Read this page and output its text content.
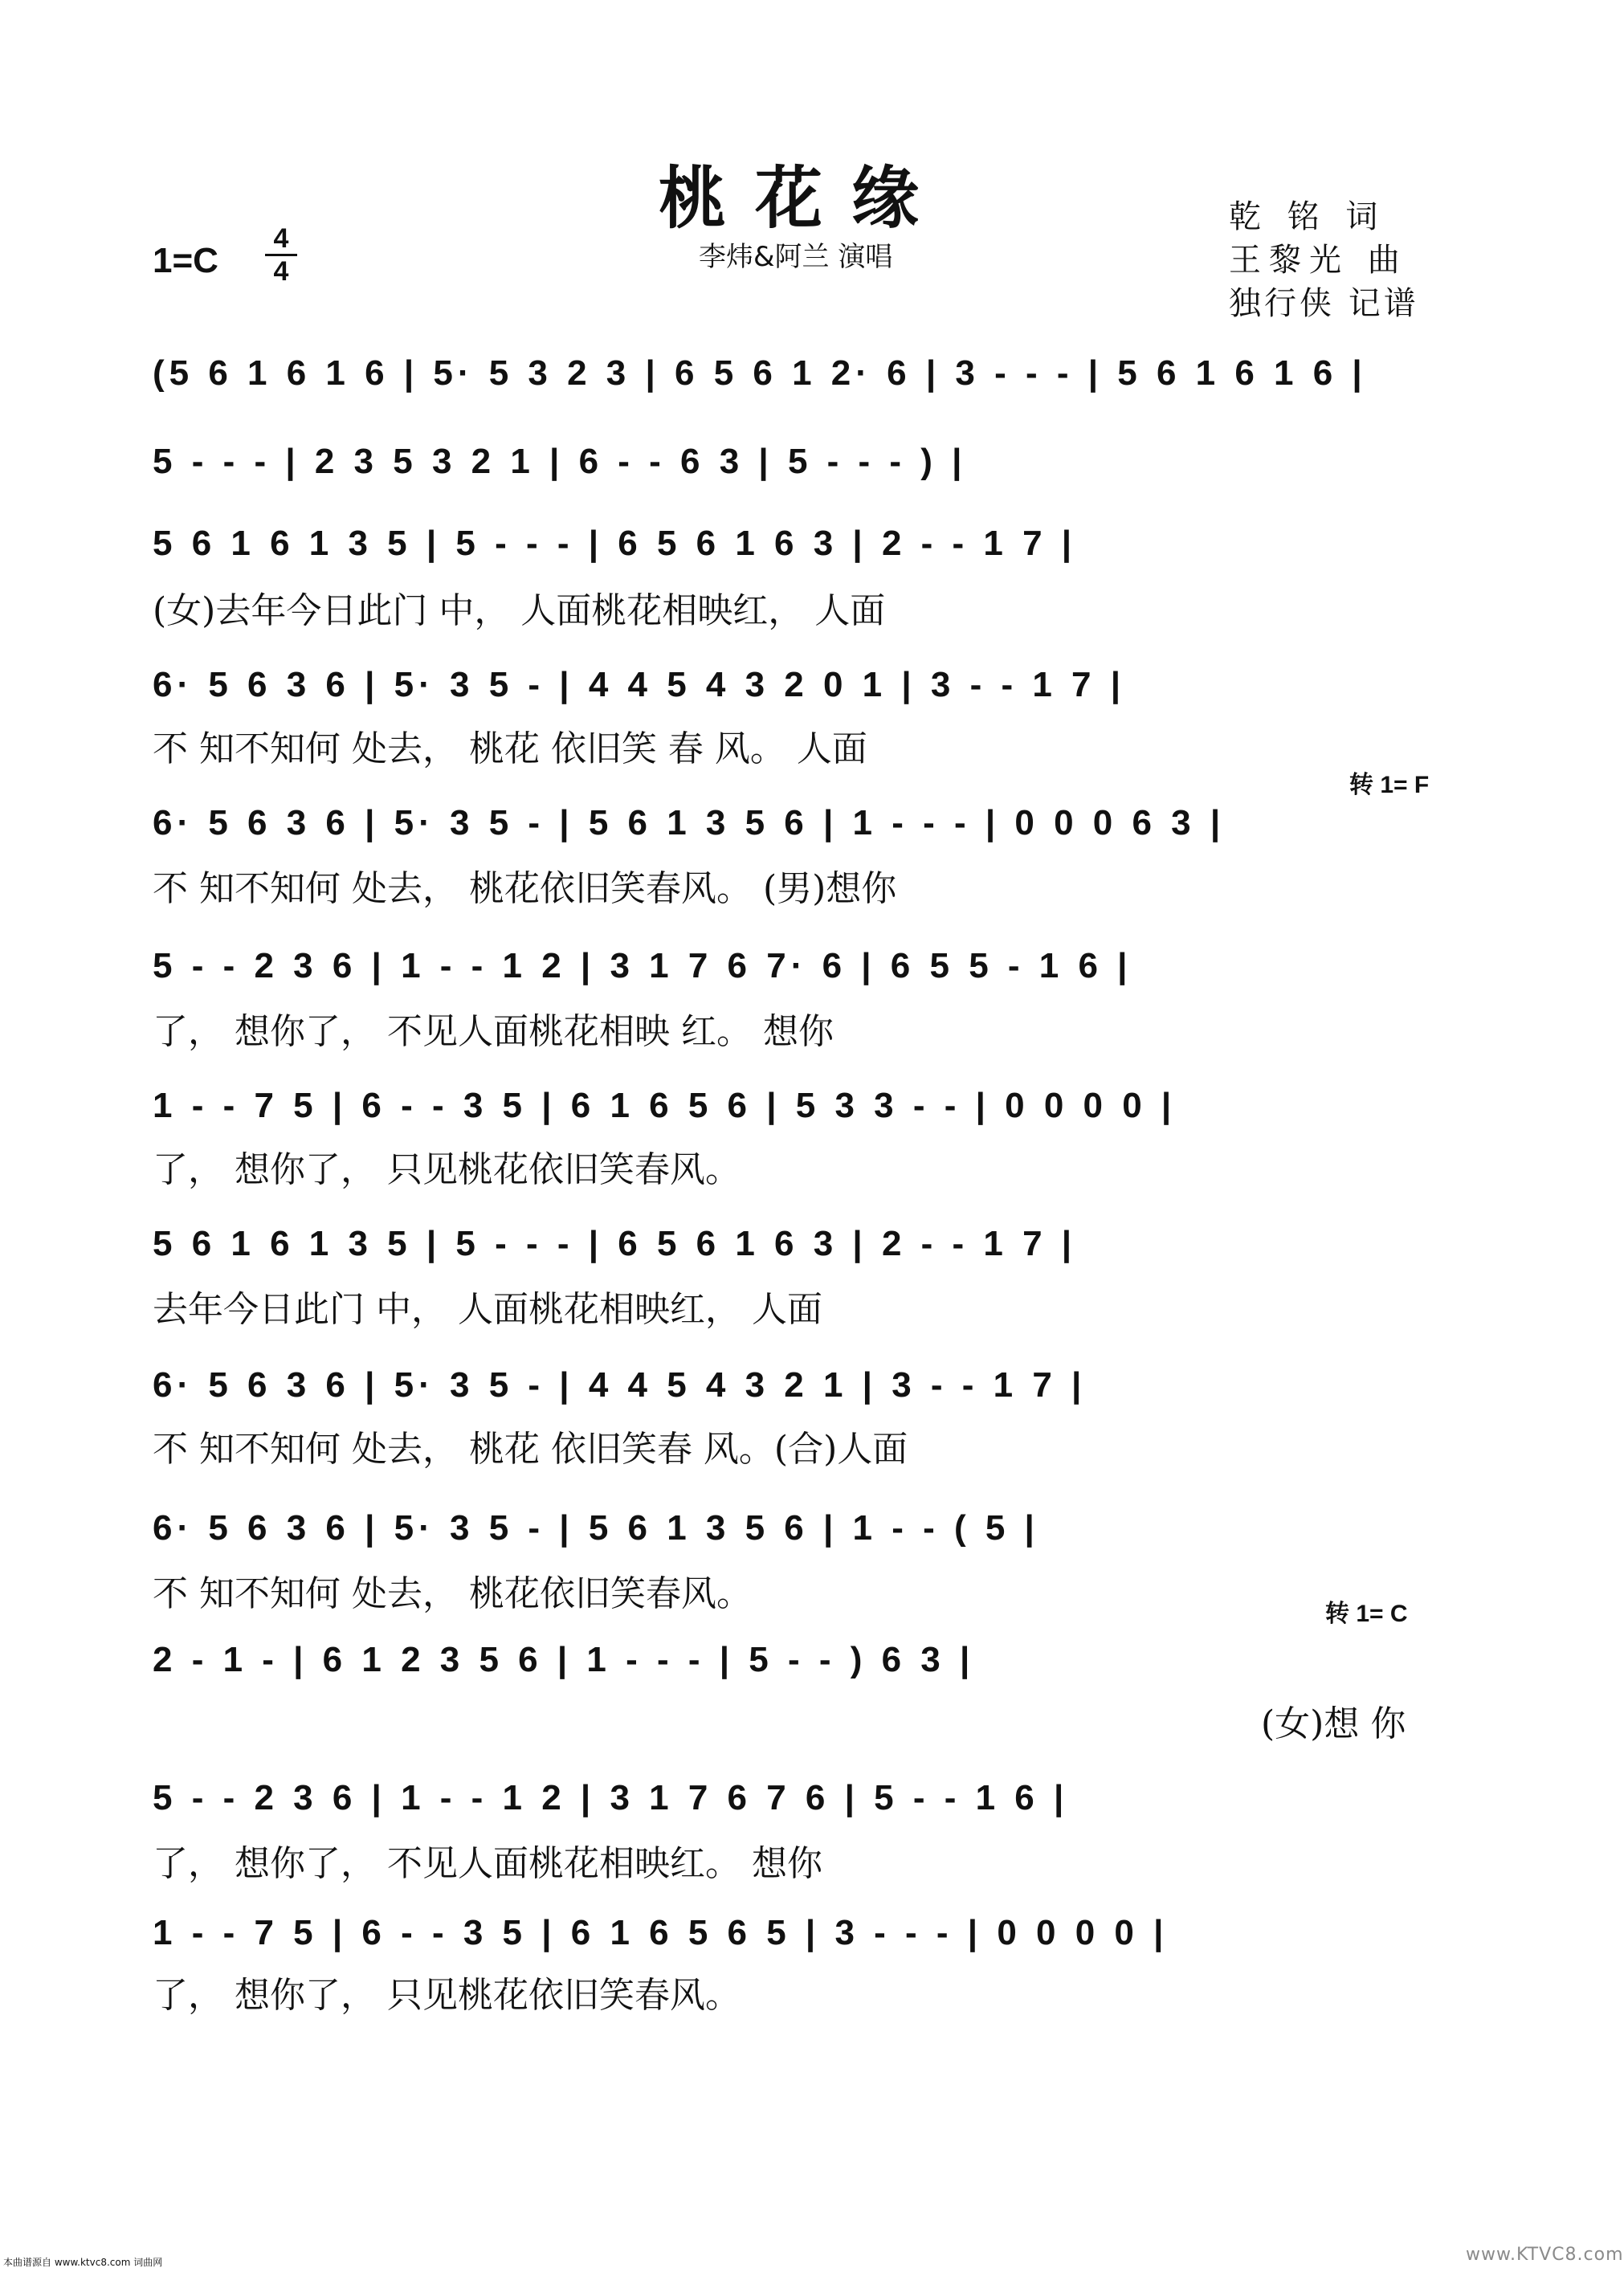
桃花缘
李炜&阿兰 演唱
乾 铭 词
王黎光 曲
独行侠 记谱
1=C
4
4
(5 6 1 6 1 6 | 5· 5 3 2 3 | 6 5 6 1 2· 6 | 3 - - - | 5 6 1 6 1 6 |
5 - - - | 2 3 5 3 2 1 | 6 - - 6 3 | 5 - - - ) |
5 6 1 6 1 3 5 | 5 - - - | 6 5 6 1 6 3 | 2 - - 1 7 |
(女)去年今日此门 中， 人面桃花相映红， 人面
6· 5 6 3 6 | 5· 3 5 - | 4 4 5 4 3 2 0 1 | 3 - - 1 7 |
不 知不知何 处去， 桃花 依旧笑 春 风。 人面
转 1= F
6· 5 6 3 6 | 5· 3 5 - | 5 6 1 3 5 6 | 1 - - - | 0 0 0 6 3 |
不 知不知何 处去， 桃花依旧笑春风。 (男)想你
5 - - 2 3 6 | 1 - - 1 2 | 3 1 7 6 7· 6 | 6 5 5 - 1 6 |
了， 想你了， 不见人面桃花相映 红。 想你
1 - - 7 5 | 6 - - 3 5 | 6 1 6 5 6 | 5 3 3 - - | 0 0 0 0 |
了， 想你了， 只见桃花依旧笑春风。
5 6 1 6 1 3 5 | 5 - - - | 6 5 6 1 6 3 | 2 - - 1 7 |
去年今日此门 中， 人面桃花相映红， 人面
6· 5 6 3 6 | 5· 3 5 - | 4 4 5 4 3 2 1 | 3 - - 1 7 |
不 知不知何 处去， 桃花 依旧笑春 风。(合)人面
6· 5 6 3 6 | 5· 3 5 - | 5 6 1 3 5 6 | 1 - - ( 5 |
不 知不知何 处去， 桃花依旧笑春风。	转 1= C
2 - 1 - | 6 1 2 3 5 6 | 1 - - - | 5 - - ) 6 3 |
(女)想 你
5 - - 2 3 6 | 1 - - 1 2 | 3 1 7 6 7 6 | 5 - - 1 6 |
了， 想你了， 不见人面桃花相映红。 想你
1 - - 7 5 | 6 - - 3 5 | 6 1 6 5 6 5 | 3 - - - | 0 0 0 0 |
了， 想你了， 只见桃花依旧笑春风。
本曲谱源自 www.ktvc8.com 词曲网	www.KTVC8.com
